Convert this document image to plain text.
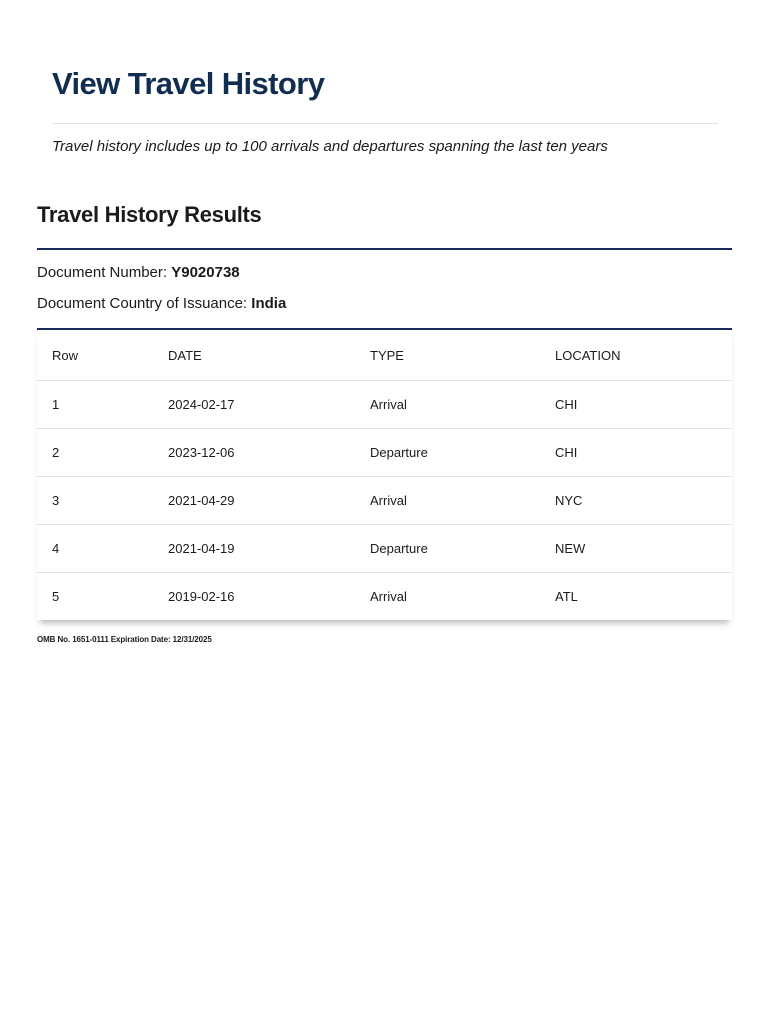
View Travel History
Travel history includes up to 100 arrivals and departures spanning the last ten years
Travel History Results
Document Number: Y9020738
Document Country of Issuance: India
Row	DATE	TYPE	LOCATION
1	2024-02-17	Arrival	CHI
2	2023-12-06	Departure	CHI
3	2021-04-29	Arrival	NYC
4	2021-04-19	Departure	NEW
5	2019-02-16	Arrival	ATL
OMB No. 1651-0111 Expiration Date: 12/31/2025
